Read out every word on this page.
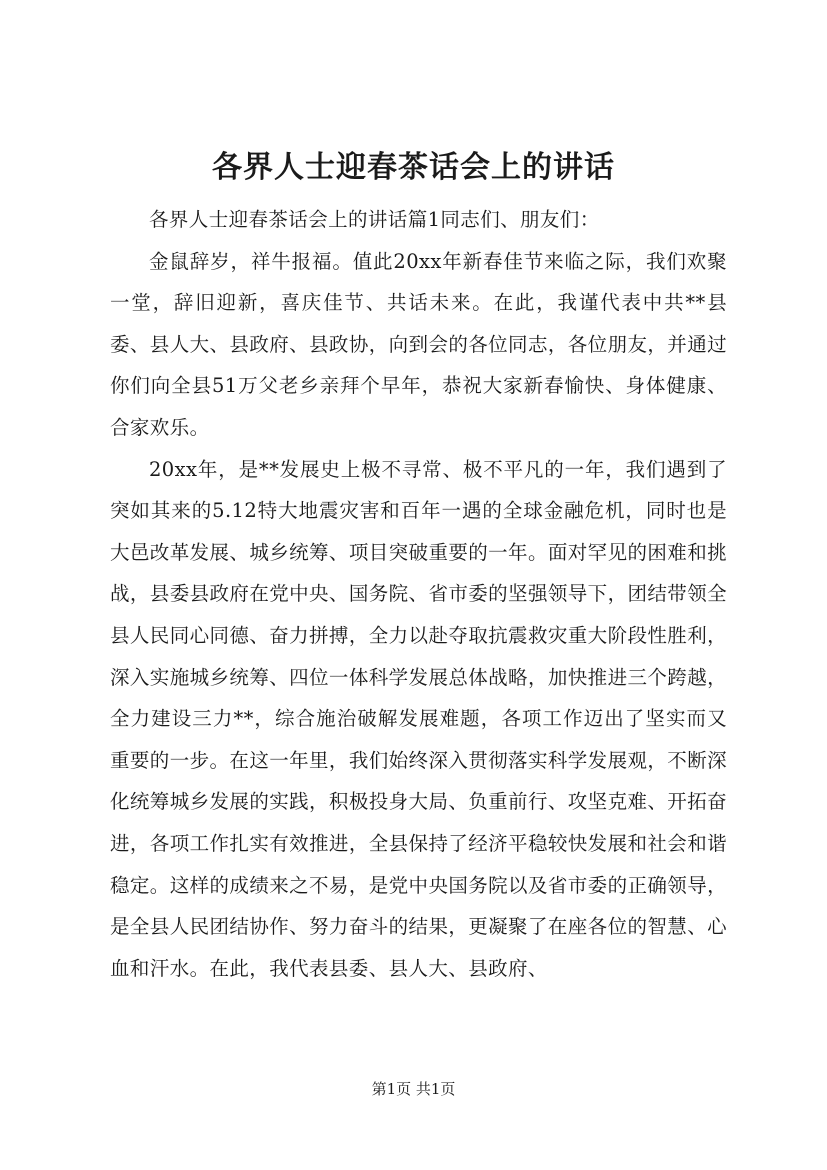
各界人士迎春茶话会上的讲话

各界人士迎春茶话会上的讲话篇1同志们、朋友们：

金鼠辞岁，祥牛报福。值此20xx年新春佳节来临之际，我们欢聚一堂，辞旧迎新，喜庆佳节、共话未来。在此，我谨代表中共**县委、县人大、县政府、县政协，向到会的各位同志，各位朋友，并通过你们向全县51万父老乡亲拜个早年，恭祝大家新春愉快、身体健康、合家欢乐。

20xx年，是**发展史上极不寻常、极不平凡的一年，我们遇到了突如其来的5.12特大地震灾害和百年一遇的全球金融危机，同时也是大邑改革发展、城乡统筹、项目突破重要的一年。面对罕见的困难和挑战，县委县政府在党中央、国务院、省市委的坚强领导下，团结带领全县人民同心同德、奋力拼搏，全力以赴夺取抗震救灾重大阶段性胜利，深入实施城乡统筹、四位一体科学发展总体战略，加快推进三个跨越，全力建设三力**，综合施治破解发展难题，各项工作迈出了坚实而又重要的一步。在这一年里，我们始终深入贯彻落实科学发展观，不断深化统筹城乡发展的实践，积极投身大局、负重前行、攻坚克难、开拓奋进，各项工作扎实有效推进，全县保持了经济平稳较快发展和社会和谐稳定。这样的成绩来之不易，是党中央国务院以及省市委的正确领导，是全县人民团结协作、努力奋斗的结果，更凝聚了在座各位的智慧、心血和汗水。在此，我代表县委、县人大、县政府、

第1页 共1页
